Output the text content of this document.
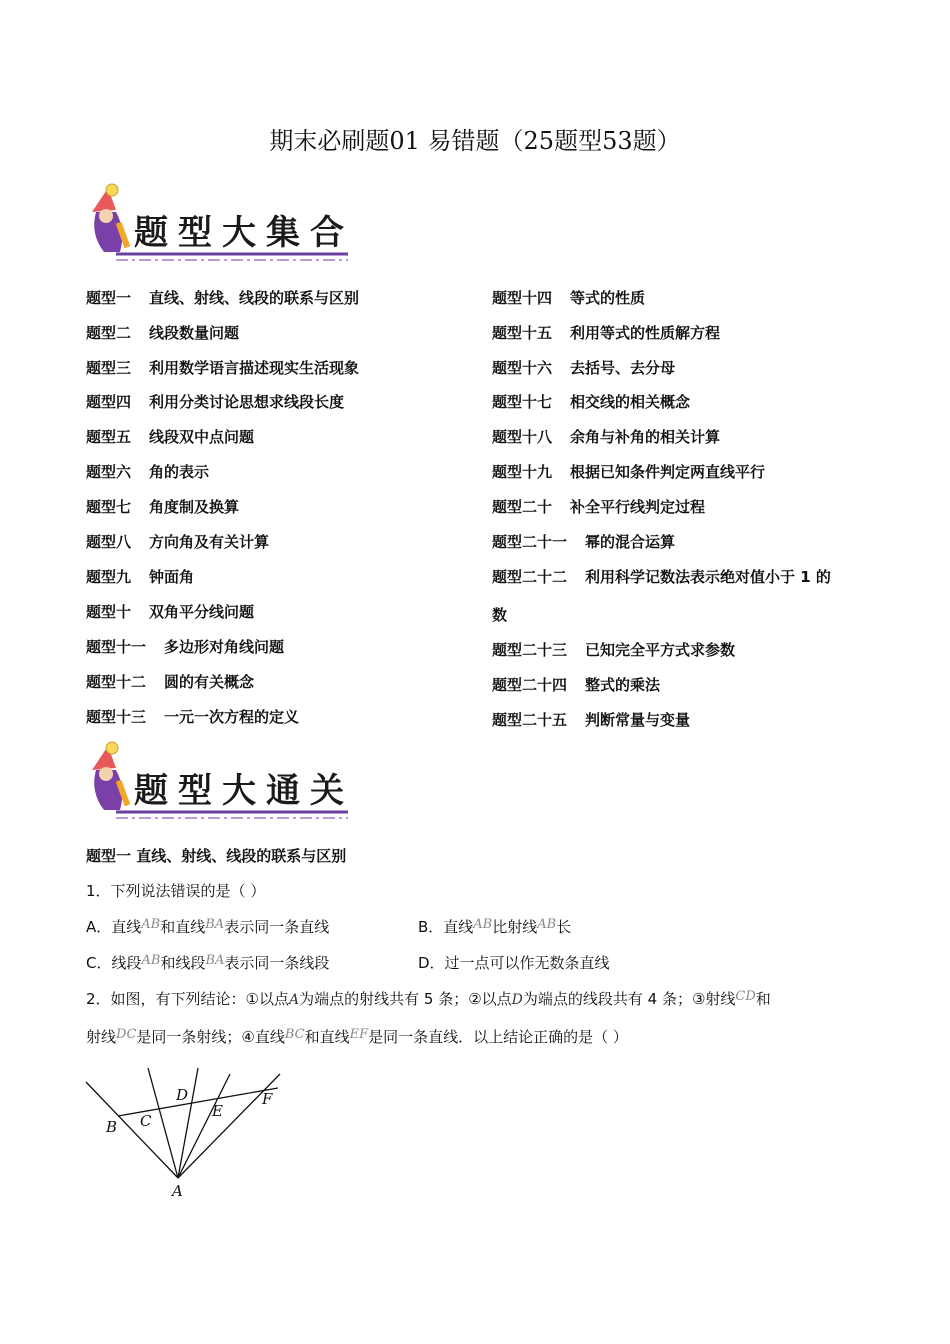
期末必刷题01 易错题（25题型53题）
题型大集合
题型一 直线、射线、线段的联系与区别
题型二 线段数量问题
题型三 利用数学语言描述现实生活现象
题型四 利用分类讨论思想求线段长度
题型五 线段双中点问题
题型六 角的表示
题型七 角度制及换算
题型八 方向角及有关计算
题型九 钟面角
题型十 双角平分线问题
题型十一 多边形对角线问题
题型十二 圆的有关概念
题型十三 一元一次方程的定义
题型十四 等式的性质
题型十五 利用等式的性质解方程
题型十六 去括号、去分母
题型十七 相交线的相关概念
题型十八 余角与补角的相关计算
题型十九 根据已知条件判定两直线平行
题型二十 补全平行线判定过程
题型二十一 幂的混合运算
题型二十二 利用科学记数法表示绝对值小于 1 的
数
题型二十三 已知完全平方式求参数
题型二十四 整式的乘法
题型二十五 判断常量与变量
题型大通关
题型一 直线、射线、线段的联系与区别
1．下列说法错误的是（ ）
A．直线AB和直线BA表示同一条直线	B．直线AB比射线AB长
C．线段AB和线段BA表示同一条线段	D．过一点可以作无数条直线
2．如图，有下列结论：①以点A为端点的射线共有 5 条；②以点D为端点的线段共有 4 条；③射线CD和
射线DC是同一条射线；④直线BC和直线EF是同一条直线．以上结论正确的是（ ）
A
B C
D
E
F
